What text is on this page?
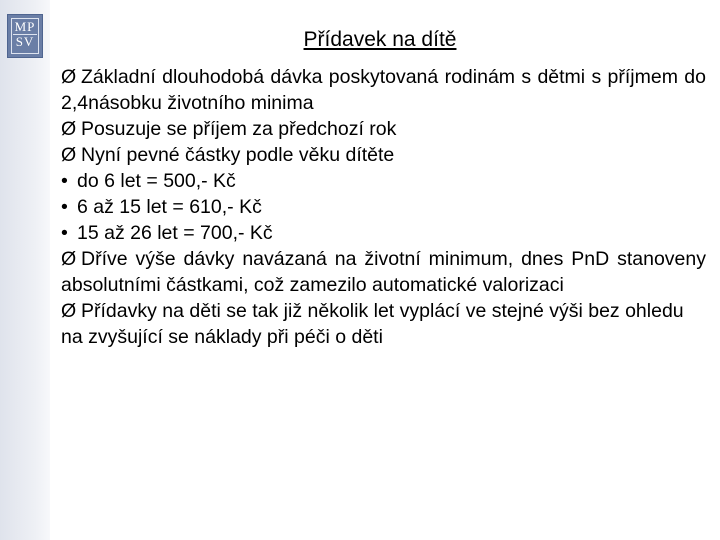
MP
SV	Přídavek na dítě

Ø Základní dlouhodobá dávka poskytovaná rodinám s dětmi s příjmem do 2,4násobku životního minima

Ø Posuzuje se příjem za předchozí rok

Ø Nyní pevné částky podle věku dítěte

• do 6 let = 500,- Kč

• 6 až 15 let = 610,- Kč

• 15 až 26 let = 700,- Kč

Ø Dříve výše dávky navázaná na životní minimum, dnes PnD stanoveny absolutními částkami, což zamezilo automatické valorizaci

Ø Přídavky na děti se tak již několik let vyplácí ve stejné výši bez ohledu na zvyšující se náklady při péči o děti
